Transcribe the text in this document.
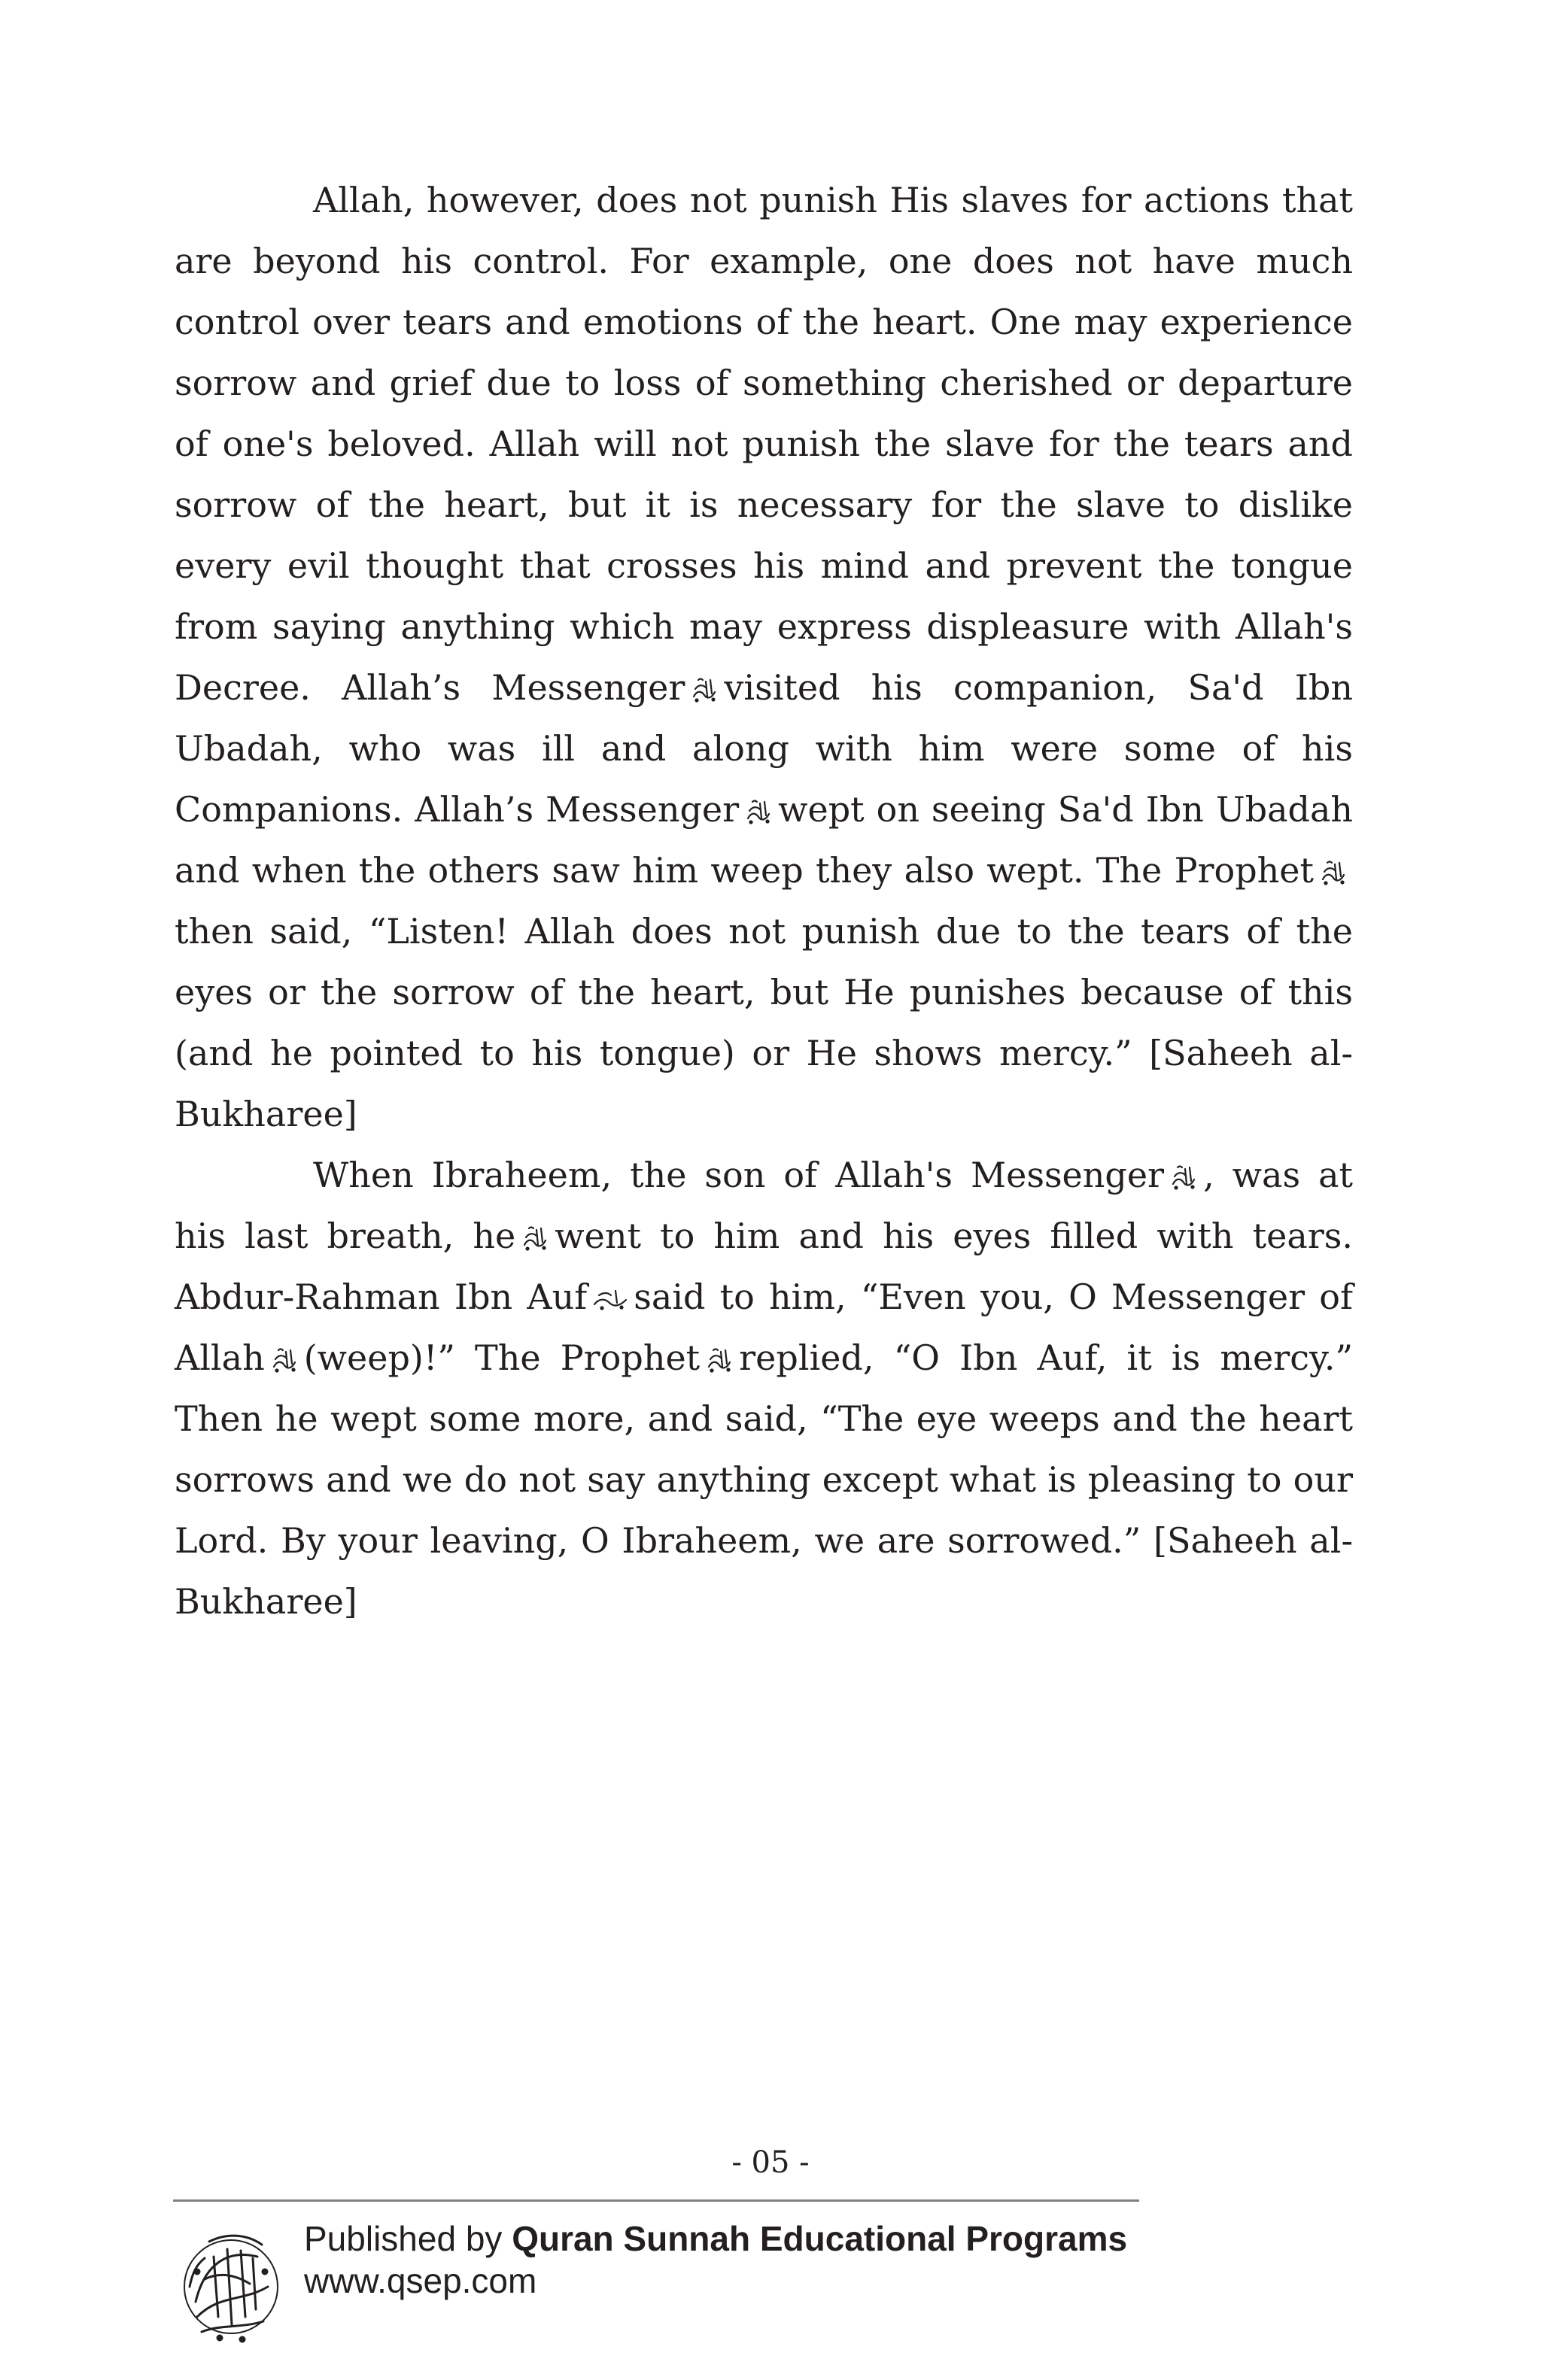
Allah, however, does not punish His slaves for actions that are beyond his control. For example, one does not have much control over tears and emotions of the heart. One may experience sorrow and grief due to loss of something cherished or departure of one's beloved. Allah will not punish the slave for the tears and sorrow of the heart, but it is necessary for the slave to dislike every evil thought that crosses his mind and prevent the tongue from saying anything which may express displeasure with Allah's Decree. Allah’s Messenger visited his companion, Sa'd Ibn Ubadah, who was ill and along with him were some of his Companions. Allah’s Messenger wept on seeing Sa'd Ibn Ubadah and when the others saw him weep they also wept. The Prophetthen said, “Listen! Allah does not punish due to the tears of the eyes or the sorrow of the heart, but He punishes because of this (and he pointed to his tongue) or He shows mercy.” [Saheeh al-Bukharee]

When Ibraheem, the son of Allah's Messenger , was at his last breath, he went to him and his eyes filled with tears. Abdur-Rahman Ibn Auf said to him, “Even you, O Messenger of Allah (weep)!” The Prophet replied, “O Ibn Auf, it is mercy.” Then he wept some more, and said, “The eye weeps and the heart sorrows and we do not say anything except what is pleasing to our Lord. By your leaving, O Ibraheem, we are sorrowed.” [Saheeh al-Bukharee]

- 05 -
Published by Quran Sunnah Educational Programs
www.qsep.com
